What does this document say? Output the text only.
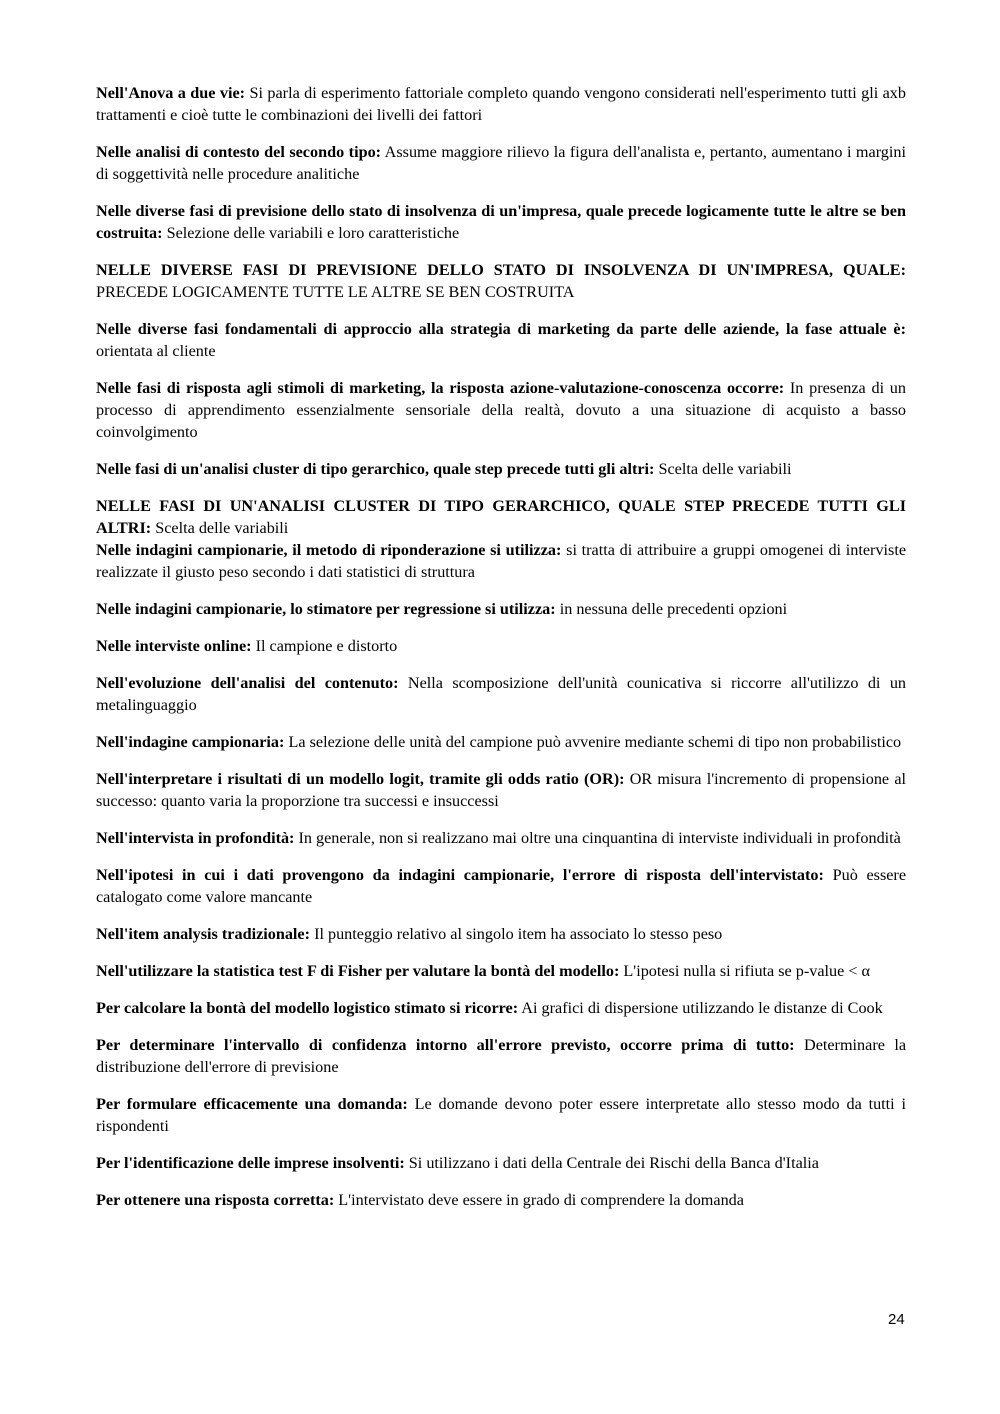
Nell'Anova a due vie: Si parla di esperimento fattoriale completo quando vengono considerati nell'esperimento tutti gli axb trattamenti e cioè tutte le combinazioni dei livelli dei fattori

Nelle analisi di contesto del secondo tipo: Assume maggiore rilievo la figura dell'analista e, pertanto, aumentano i margini di soggettività nelle procedure analitiche

Nelle diverse fasi di previsione dello stato di insolvenza di un'impresa, quale precede logicamente tutte le altre se ben costruita: Selezione delle variabili e loro caratteristiche

NELLE DIVERSE FASI DI PREVISIONE DELLO STATO DI INSOLVENZA DI UN'IMPRESA, QUALE: PRECEDE LOGICAMENTE TUTTE LE ALTRE SE BEN COSTRUITA

Nelle diverse fasi fondamentali di approccio alla strategia di marketing da parte delle aziende, la fase attuale è: orientata al cliente

Nelle fasi di risposta agli stimoli di marketing, la risposta azione-valutazione-conoscenza occorre: In presenza di un processo di apprendimento essenzialmente sensoriale della realtà, dovuto a una situazione di acquisto a basso coinvolgimento

Nelle fasi di un'analisi cluster di tipo gerarchico, quale step precede tutti gli altri: Scelta delle variabili

NELLE FASI DI UN'ANALISI CLUSTER DI TIPO GERARCHICO, QUALE STEP PRECEDE TUTTI GLI ALTRI: Scelta delle variabili

Nelle indagini campionarie, il metodo di riponderazione si utilizza: si tratta di attribuire a gruppi omogenei di interviste realizzate il giusto peso secondo i dati statistici di struttura

Nelle indagini campionarie, lo stimatore per regressione si utilizza: in nessuna delle precedenti opzioni

Nelle interviste online: Il campione e distorto

Nell'evoluzione dell'analisi del contenuto: Nella scomposizione dell'unità counicativa si riccorre all'utilizzo di un metalinguaggio

Nell'indagine campionaria: La selezione delle unità del campione può avvenire mediante schemi di tipo non probabilistico

Nell'interpretare i risultati di un modello logit, tramite gli odds ratio (OR): OR misura l'incremento di propensione al successo: quanto varia la proporzione tra successi e insuccessi

Nell'intervista in profondità: In generale, non si realizzano mai oltre una cinquantina di interviste individuali in profondità

Nell'ipotesi in cui i dati provengono da indagini campionarie, l'errore di risposta dell'intervistato: Può essere catalogato come valore mancante

Nell'item analysis tradizionale: Il punteggio relativo al singolo item ha associato lo stesso peso

Nell'utilizzare la statistica test F di Fisher per valutare la bontà del modello: L'ipotesi nulla si rifiuta se p-value < α

Per calcolare la bontà del modello logistico stimato si ricorre: Ai grafici di dispersione utilizzando le distanze di Cook

Per determinare l'intervallo di confidenza intorno all'errore previsto, occorre prima di tutto: Determinare la distribuzione dell'errore di previsione

Per formulare efficacemente una domanda: Le domande devono poter essere interpretate allo stesso modo da tutti i rispondenti

Per l'identificazione delle imprese insolventi: Si utilizzano i dati della Centrale dei Rischi della Banca d'Italia

Per ottenere una risposta corretta: L'intervistato deve essere in grado di comprendere la domanda

24
